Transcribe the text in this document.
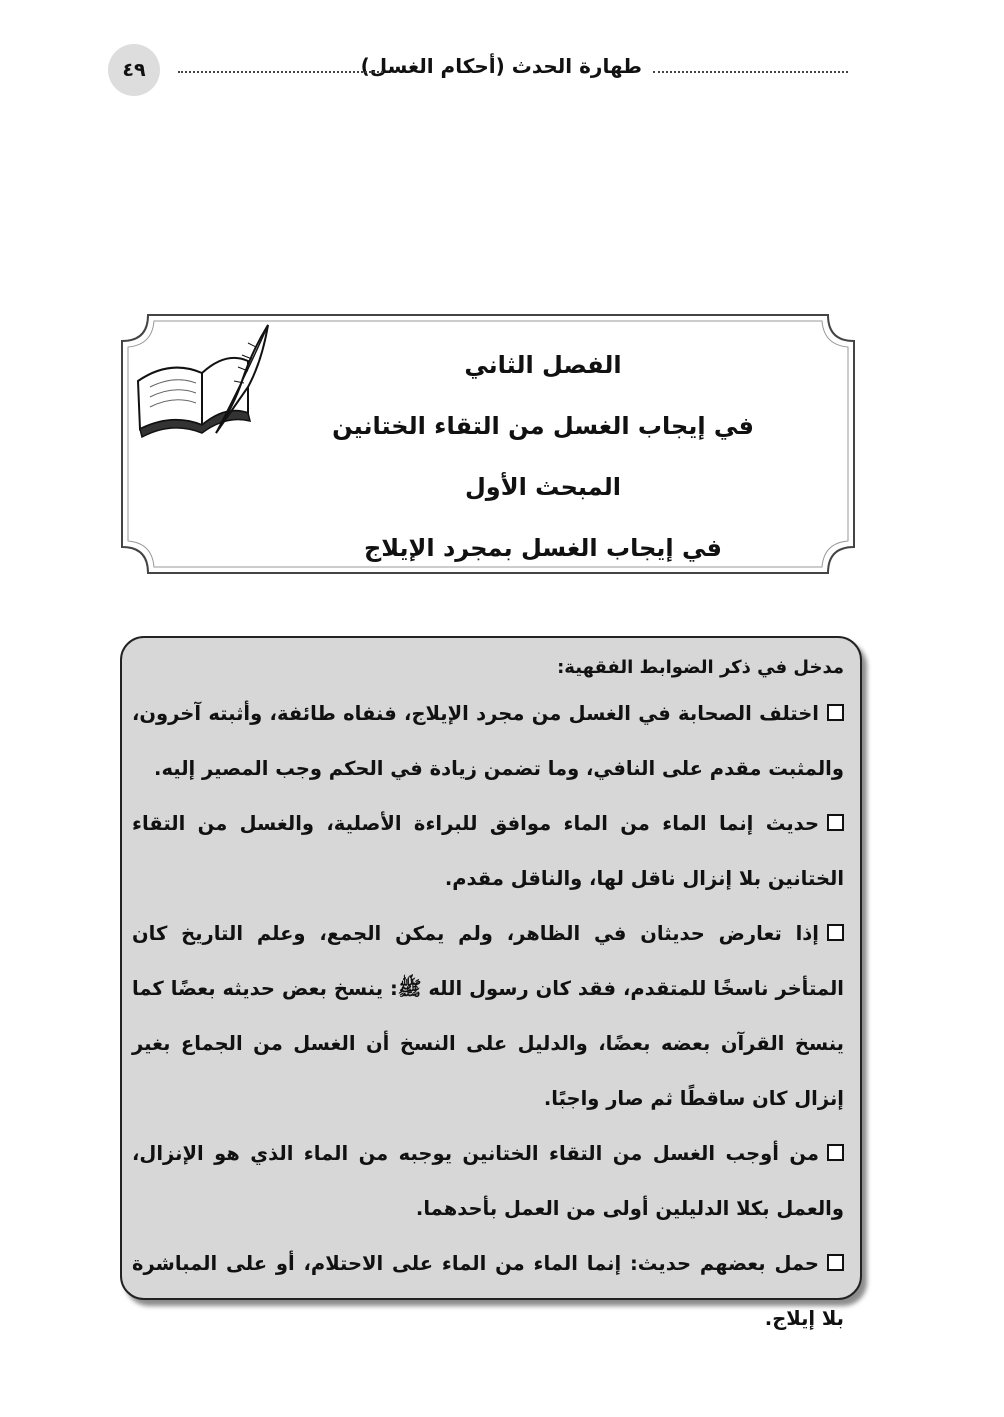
طهارة الحدث (أحكام الغسل)
٤٩
الفصل الثاني
في إيجاب الغسل من التقاء الختانين
المبحث الأول
في إيجاب الغسل بمجرد الإيلاج
مدخل في ذكر الضوابط الفقهية:
اختلف الصحابة في الغسل من مجرد الإيلاج، فنفاه طائفة، وأثبته آخرون، والمثبت مقدم على النافي، وما تضمن زيادة في الحكم وجب المصير إليه.
حديث إنما الماء من الماء موافق للبراءة الأصلية، والغسل من التقاء الختانين بلا إنزال ناقل لها، والناقل مقدم.
إذا تعارض حديثان في الظاهر، ولم يمكن الجمع، وعلم التاريخ كان المتأخر ناسخًا للمتقدم، فقد كان رسول الله ﷺ: ينسخ بعض حديثه بعضًا كما ينسخ القرآن بعضه بعضًا، والدليل على النسخ أن الغسل من الجماع بغير إنزال كان ساقطًا ثم صار واجبًا.
من أوجب الغسل من التقاء الختانين يوجبه من الماء الذي هو الإنزال، والعمل بكلا الدليلين أولى من العمل بأحدهما.
حمل بعضهم حديث: إنما الماء من الماء على الاحتلام، أو على المباشرة بلا إيلاج.
